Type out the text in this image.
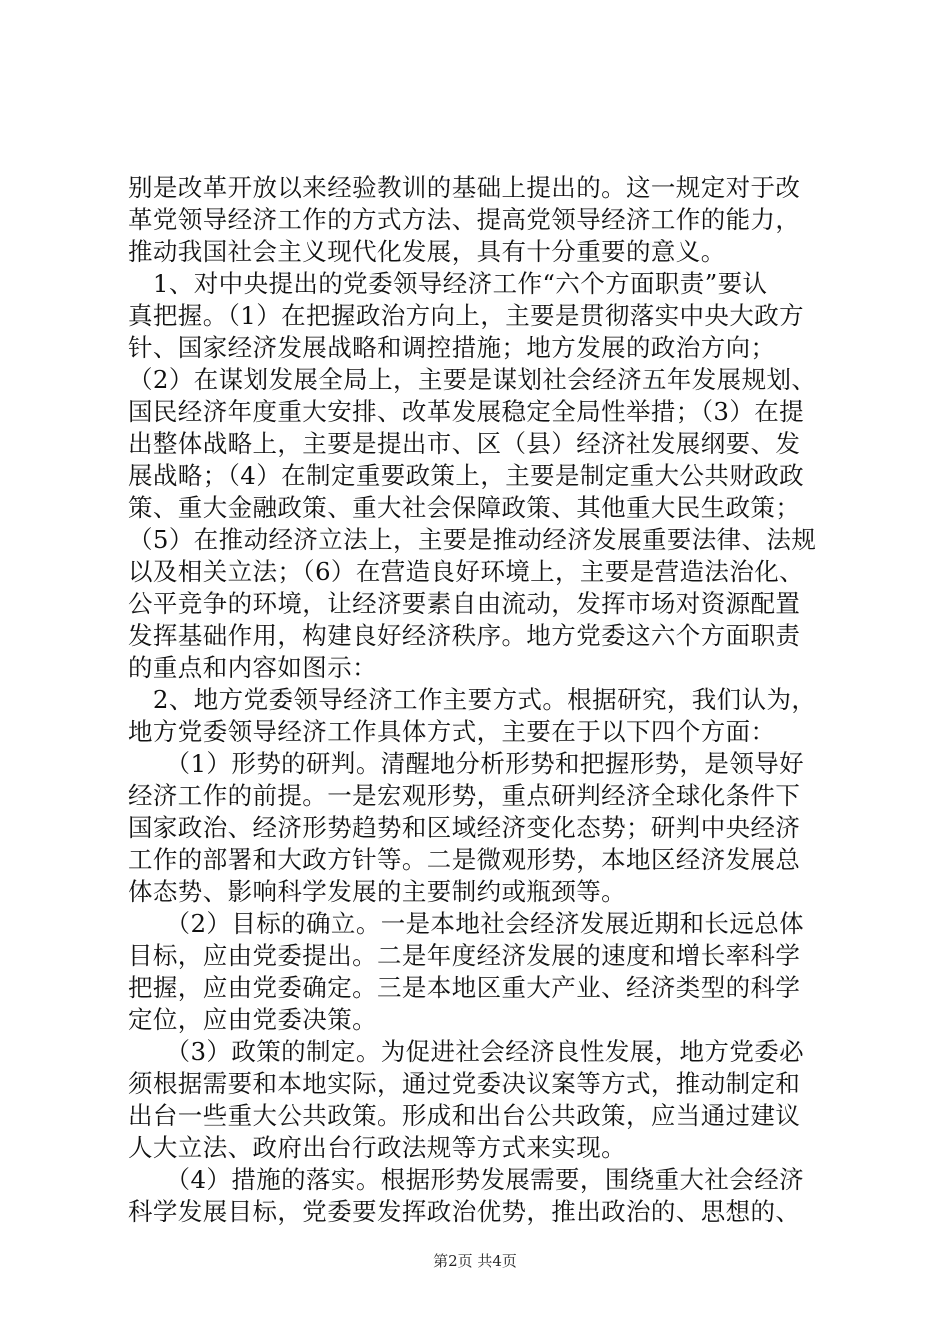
别是改革开放以来经验教训的基础上提出的。这一规定对于改
革党领导经济工作的方式方法、提高党领导经济工作的能力，
推动我国社会主义现代化发展，具有十分重要的意义。
　1、对中央提出的党委领导经济工作“六个方面职责”要认
真把握。（1）在把握政治方向上，主要是贯彻落实中央大政方
针、国家经济发展战略和调控措施；地方发展的政治方向；
（2）在谋划发展全局上，主要是谋划社会经济五年发展规划、
国民经济年度重大安排、改革发展稳定全局性举措；（3）在提
出整体战略上，主要是提出市、区（县）经济社发展纲要、发
展战略；（4）在制定重要政策上，主要是制定重大公共财政政
策、重大金融政策、重大社会保障政策、其他重大民生政策；
（5）在推动经济立法上，主要是推动经济发展重要法律、法规
以及相关立法；（6）在营造良好环境上，主要是营造法治化、
公平竞争的环境，让经济要素自由流动，发挥市场对资源配置
发挥基础作用，构建良好经济秩序。地方党委这六个方面职责
的重点和内容如图示：
　2、地方党委领导经济工作主要方式。根据研究，我们认为，
地方党委领导经济工作具体方式，主要在于以下四个方面：
　　（1）形势的研判。清醒地分析形势和把握形势，是领导好
经济工作的前提。一是宏观形势，重点研判经济全球化条件下
国家政治、经济形势趋势和区域经济变化态势；研判中央经济
工作的部署和大政方针等。二是微观形势，本地区经济发展总
体态势、影响科学发展的主要制约或瓶颈等。
　　（2）目标的确立。一是本地社会经济发展近期和长远总体
目标，应由党委提出。二是年度经济发展的速度和增长率科学
把握，应由党委确定。三是本地区重大产业、经济类型的科学
定位，应由党委决策。
　　（3）政策的制定。为促进社会经济良性发展，地方党委必
须根据需要和本地实际，通过党委决议案等方式，推动制定和
出台一些重大公共政策。形成和出台公共政策，应当通过建议
人大立法、政府出台行政法规等方式来实现。
　　（4）措施的落实。根据形势发展需要，围绕重大社会经济
科学发展目标，党委要发挥政治优势，推出政治的、思想的、
第2页 共4页
